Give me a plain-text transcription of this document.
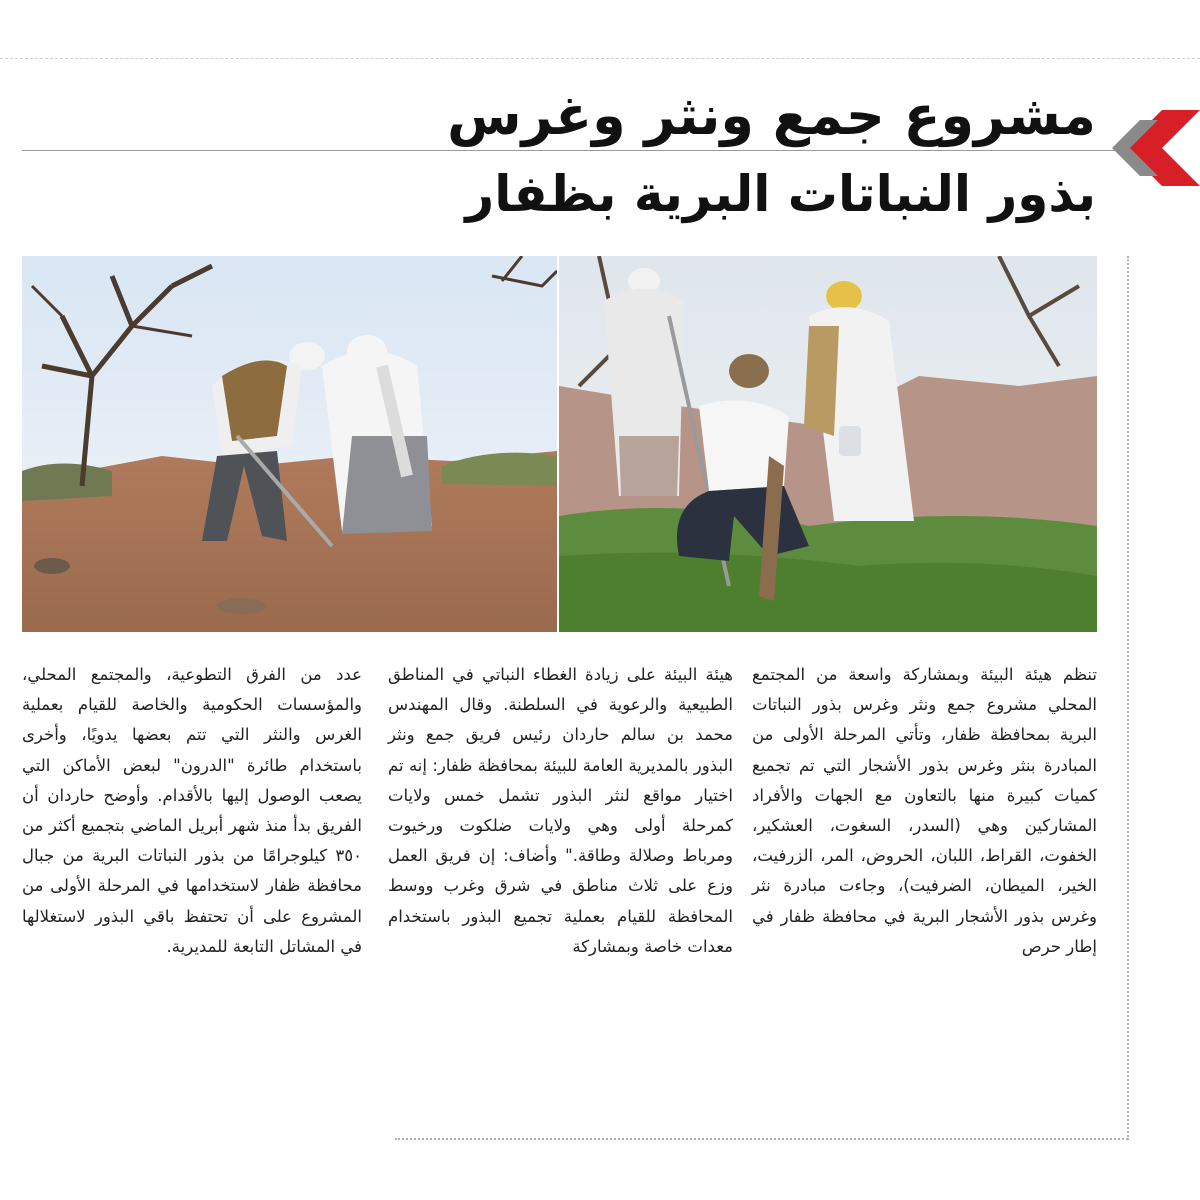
مشروع جمع ونثر وغرس
بذور النباتات البرية بظفار

تنظم هيئة البيئة وبمشاركة واسعة من المجتمع المحلي مشروع جمع ونثر وغرس بذور النباتات البرية بمحافظة ظفار، وتأتي المرحلة الأولى من المبادرة بنثر وغرس بذور الأشجار التي تم تجميع كميات كبيرة منها بالتعاون مع الجهات والأفراد المشاركين وهي (السدر، السغوت، العشكير، الخفوت، القراط، اللبان، الحروض، المر، الزرفيت، الخير، الميطان، الضرفيت)، وجاءت مبادرة نثر وغرس بذور الأشجار البرية في محافظة ظفار في إطار حرص

هيئة البيئة على زيادة الغطاء النباتي في المناطق الطبيعية والرعوية في السلطنة. وقال المهندس محمد بن سالم حاردان رئيس فريق جمع ونثر البذور بالمديرية العامة للبيئة بمحافظة ظفار: إنه تم اختيار مواقع لنثر البذور تشمل خمس ولايات كمرحلة أولى وهي ولايات ضلكوت ورخيوت ومرباط وصلالة وطاقة." وأضاف: إن فريق العمل وزع على ثلاث مناطق في شرق وغرب ووسط المحافظة للقيام بعملية تجميع البذور باستخدام معدات خاصة وبمشاركة

عدد من الفرق التطوعية، والمجتمع المحلي، والمؤسسات الحكومية والخاصة للقيام بعملية الغرس والنثر التي تتم بعضها يدويًا، وأخرى باستخدام طائرة "الدرون" لبعض الأماكن التي يصعب الوصول إليها بالأقدام. وأوضح حاردان أن الفريق بدأ منذ شهر أبريل الماضي بتجميع أكثر من ٣٥٠ كيلوجرامًا من بذور النباتات البرية من جبال محافظة ظفار لاستخدامها في المرحلة الأولى من المشروع على أن تحتفظ باقي البذور لاستغلالها في المشاتل التابعة للمديرية.
